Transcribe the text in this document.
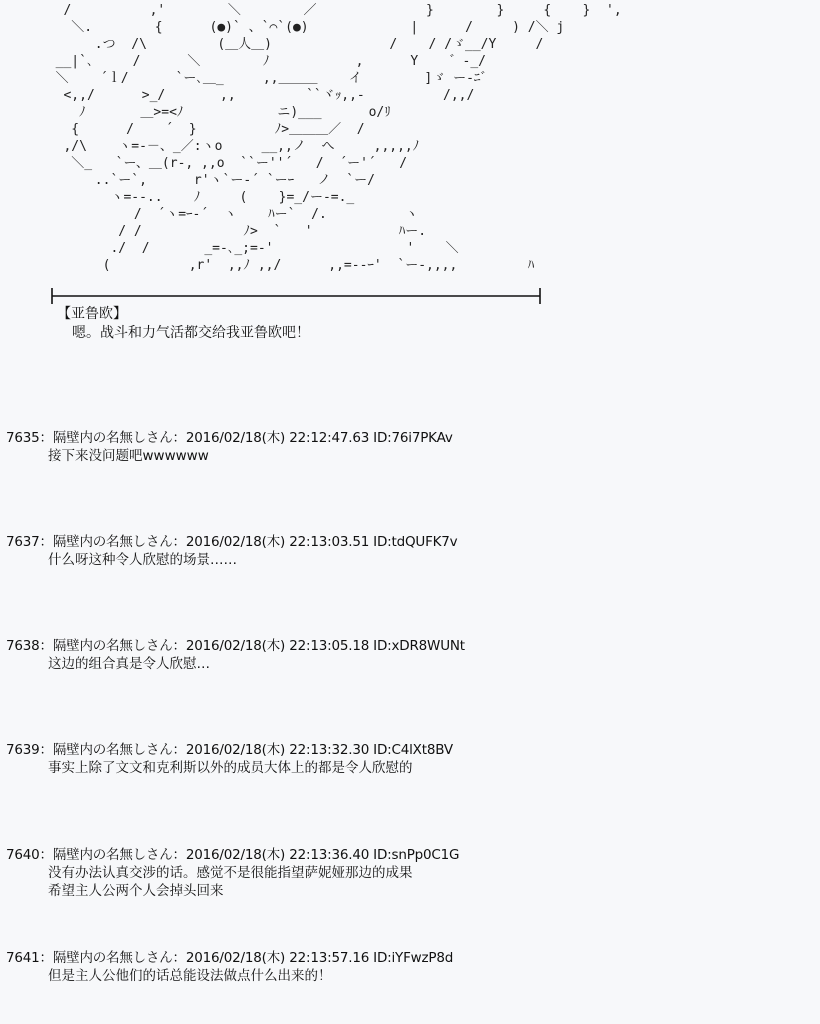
/          ,'        ＼        ／              }        }     {    }  ',
＼.        {      (●)` 、`⌒`(●)             |      /     ) /＼ j
.つ  /\         (＿人＿)               /    / /ゞ__/Y     /
__|`､     /      ＼        ﾉ           ,      Y    ゛-_/
＼    ´ｌ/      `ー､＿_     ,,＿＿＿    イ        ]ゞ ー-ﾆ゛
<,,/      >_/       ,,         ``ヾｯ,,-          /,,/
ﾉ       ＿>=<ﾉ            ニ)___      o/ﾘ
{      /    ´  }          ﾉ>＿＿＿／  /
,/\    ヽ=-－、_／:ヽo     __,,ノ  へ     ,,,,,ﾉ
＼_   `ー、＿(r-, ,,o  ``ー''´   /  ´ー'´   /
..`ー`,      r'ヽ`ー-´ `ーｰ   ノ  `ー/
ヽ=--..    ﾉ     (    }=_/ー-=._
/  ´ヽ=ｰ-´  ヽ    ﾊー`  /.          ヽ
/ /             ﾉ>  `   '           ﾊー.
./  /       _=-､_;=-'                 '    ＼
(          ,r'  ,,ﾉ ,,/      ,,=--ｰ'  `ー-,,,,         ﾊ
【亚鲁欧】
嗯。战斗和力气活都交给我亚鲁欧吧！
7635：隔壁内の名無しさん：2016/02/18(木) 22:12:47.63 ID:76i7PKAv
接下来没问题吧wwwwww
7637：隔壁内の名無しさん：2016/02/18(木) 22:13:03.51 ID:tdQUFK7v
什么呀这种令人欣慰的场景……
7638：隔壁内の名無しさん：2016/02/18(木) 22:13:05.18 ID:xDR8WUNt
这边的组合真是令人欣慰…
7639：隔壁内の名無しさん：2016/02/18(木) 22:13:32.30 ID:C4lXt8BV
事实上除了文文和克利斯以外的成员大体上的都是令人欣慰的
7640：隔壁内の名無しさん：2016/02/18(木) 22:13:36.40 ID:snPp0C1G
没有办法认真交涉的话。感觉不是很能指望萨妮娅那边的成果
希望主人公两个人会掉头回来
7641：隔壁内の名無しさん：2016/02/18(木) 22:13:57.16 ID:iYFwzP8d
但是主人公他们的话总能设法做点什么出来的！
